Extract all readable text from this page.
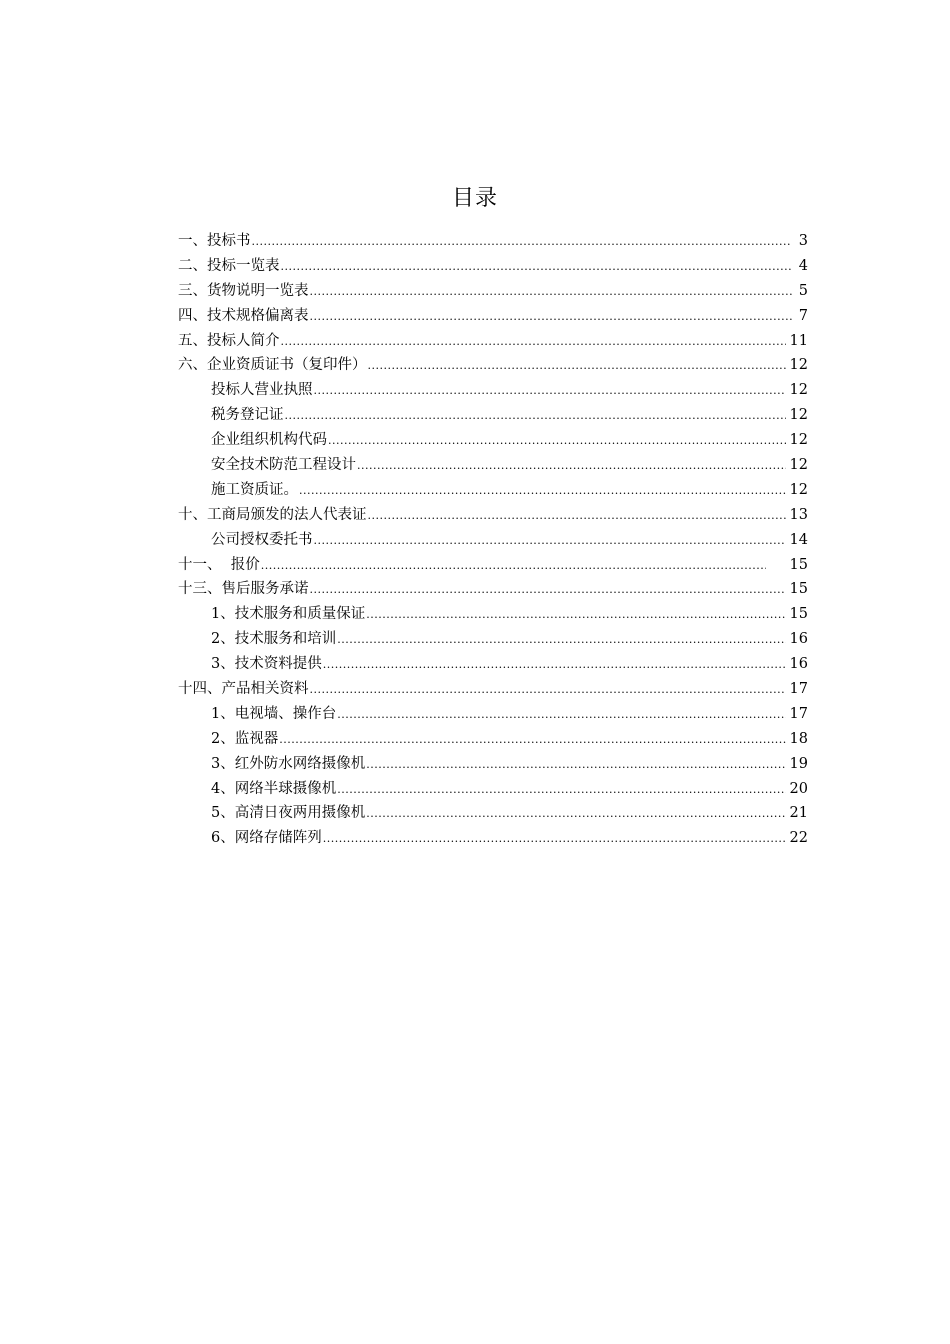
目录
一、投标书 .....	3
二、投标一览表 .....	4
三、货物说明一览表 .....	5
四、技术规格偏离表 .....	7
五、投标人简介 .....	11
六、企业资质证书（复印件） .....	12
投标人营业执照 .....	12
税务登记证 .....	12
企业组织机构代码 .....	12
安全技术防范工程设计 .....	12
施工资质证。 .....	12
十、工商局颁发的法人代表证 .....	13
公司授权委托书 .....	14
十一、  报价 .....	15
十三、售后服务承诺 .....	15
1、技术服务和质量保证 .....	15
2、技术服务和培训 .....	16
3、技术资料提供 .....	16
十四、产品相关资料 .....	17
1、电视墙、操作台 .....	17
2、监视器 .....	18
3、红外防水网络摄像机 .....	19
4、网络半球摄像机 .....	20
5、高清日夜两用摄像机 .....	21
6、网络存储阵列 .....	22
